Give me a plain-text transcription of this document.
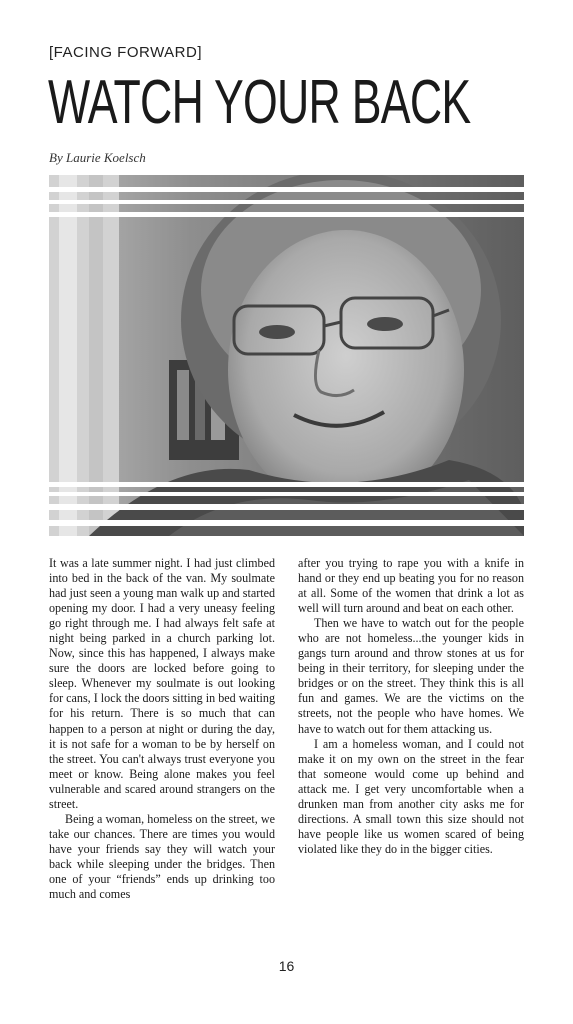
[FACING FORWARD]
WATCH YOUR BACK
By Laurie Koelsch

It was a late summer night. I had just climbed into bed in the back of the van. My soulmate had just seen a young man walk up and started opening my door. I had a very uneasy feeling go right through me. I had always felt safe at night being parked in a church parking lot. Now, since this has happened, I always make sure the doors are locked before going to sleep. Whenever my soulmate is out looking for cans, I lock the doors sitting in bed waiting for his return. There is so much that can happen to a person at night or during the day, it is not safe for a woman to be by herself on the street. You can't always trust everyone you meet or know. Being alone makes you feel vulnerable and scared around strangers on the street.

Being a woman, homeless on the street, we take our chances. There are times you would have your friends say they will watch your back while sleeping under the bridges. Then one of your “friends” ends up drinking too much and comes

after you trying to rape you with a knife in hand or they end up beating you for no reason at all. Some of the women that drink a lot as well will turn around and beat on each other.

Then we have to watch out for the people who are not homeless...the younger kids in gangs turn around and throw stones at us for being in their territory, for sleeping under the bridges or on the street. They think this is all fun and games. We are the victims on the streets, not the people who have homes. We have to watch out for them attacking us.

I am a homeless woman, and I could not make it on my own on the street in the fear that someone would come up behind and attack me. I get very uncomfortable when a drunken man from another city asks me for directions. A small town this size should not have people like us women scared of being violated like they do in the bigger cities.

16
